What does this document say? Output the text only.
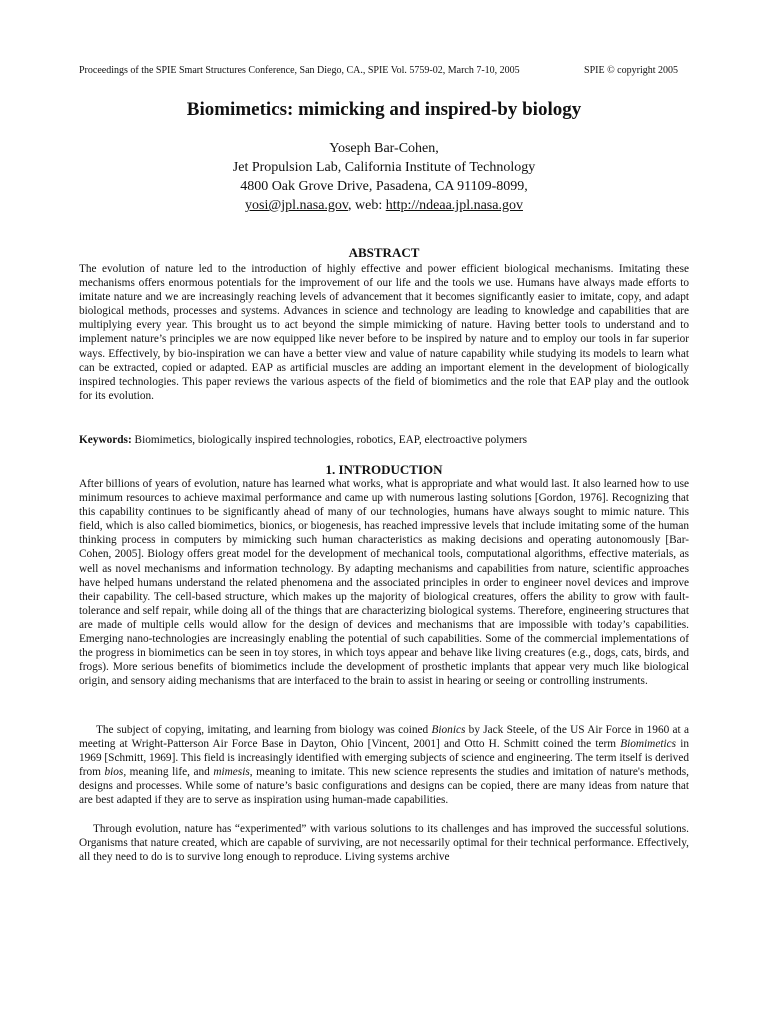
Proceedings of the SPIE Smart Structures Conference, San Diego, CA., SPIE Vol. 5759-02, March 7-10, 2005	SPIE © copyright 2005
Biomimetics: mimicking and inspired-by biology
Yoseph Bar-Cohen,
Jet Propulsion Lab, California Institute of Technology
4800 Oak Grove Drive, Pasadena, CA 91109-8099,
yosi@jpl.nasa.gov, web: http://ndeaa.jpl.nasa.gov
ABSTRACT
The evolution of nature led to the introduction of highly effective and power efficient biological mechanisms. Imitating these mechanisms offers enormous potentials for the improvement of our life and the tools we use. Humans have always made efforts to imitate nature and we are increasingly reaching levels of advancement that it becomes significantly easier to imitate, copy, and adapt biological methods, processes and systems. Advances in science and technology are leading to knowledge and capabilities that are multiplying every year. This brought us to act beyond the simple mimicking of nature. Having better tools to understand and to implement nature’s principles we are now equipped like never before to be inspired by nature and to employ our tools in far superior ways. Effectively, by bio-inspiration we can have a better view and value of nature capability while studying its models to learn what can be extracted, copied or adapted. EAP as artificial muscles are adding an important element in the development of biologically inspired technologies. This paper reviews the various aspects of the field of biomimetics and the role that EAP play and the outlook for its evolution.
Keywords: Biomimetics, biologically inspired technologies, robotics, EAP, electroactive polymers
1. INTRODUCTION
After billions of years of evolution, nature has learned what works, what is appropriate and what would last. It also learned how to use minimum resources to achieve maximal performance and came up with numerous lasting solutions [Gordon, 1976]. Recognizing that this capability continues to be significantly ahead of many of our technologies, humans have always sought to mimic nature. This field, which is also called biomimetics, bionics, or biogenesis, has reached impressive levels that include imitating some of the human thinking process in computers by mimicking such human characteristics as making decisions and operating autonomously [Bar-Cohen, 2005]. Biology offers great model for the development of mechanical tools, computational algorithms, effective materials, as well as novel mechanisms and information technology. By adapting mechanisms and capabilities from nature, scientific approaches have helped humans understand the related phenomena and the associated principles in order to engineer novel devices and improve their capability. The cell-based structure, which makes up the majority of biological creatures, offers the ability to grow with fault-tolerance and self repair, while doing all of the things that are characterizing biological systems. Therefore, engineering structures that are made of multiple cells would allow for the design of devices and mechanisms that are impossible with today’s capabilities. Emerging nano-technologies are increasingly enabling the potential of such capabilities. Some of the commercial implementations of the progress in biomimetics can be seen in toy stores, in which toys appear and behave like living creatures (e.g., dogs, cats, birds, and frogs). More serious benefits of biomimetics include the development of prosthetic implants that appear very much like biological origin, and sensory aiding mechanisms that are interfaced to the brain to assist in hearing or seeing or controlling instruments.
The subject of copying, imitating, and learning from biology was coined Bionics by Jack Steele, of the US Air Force in 1960 at a meeting at Wright-Patterson Air Force Base in Dayton, Ohio [Vincent, 2001] and Otto H. Schmitt coined the term Biomimetics in 1969 [Schmitt, 1969]. This field is increasingly identified with emerging subjects of science and engineering. The term itself is derived from bios, meaning life, and mimesis, meaning to imitate. This new science represents the studies and imitation of nature's methods, designs and processes. While some of nature’s basic configurations and designs can be copied, there are many ideas from nature that are best adapted if they are to serve as inspiration using human-made capabilities.
Through evolution, nature has “experimented” with various solutions to its challenges and has improved the successful solutions. Organisms that nature created, which are capable of surviving, are not necessarily optimal for their technical performance. Effectively, all they need to do is to survive long enough to reproduce. Living systems archive
